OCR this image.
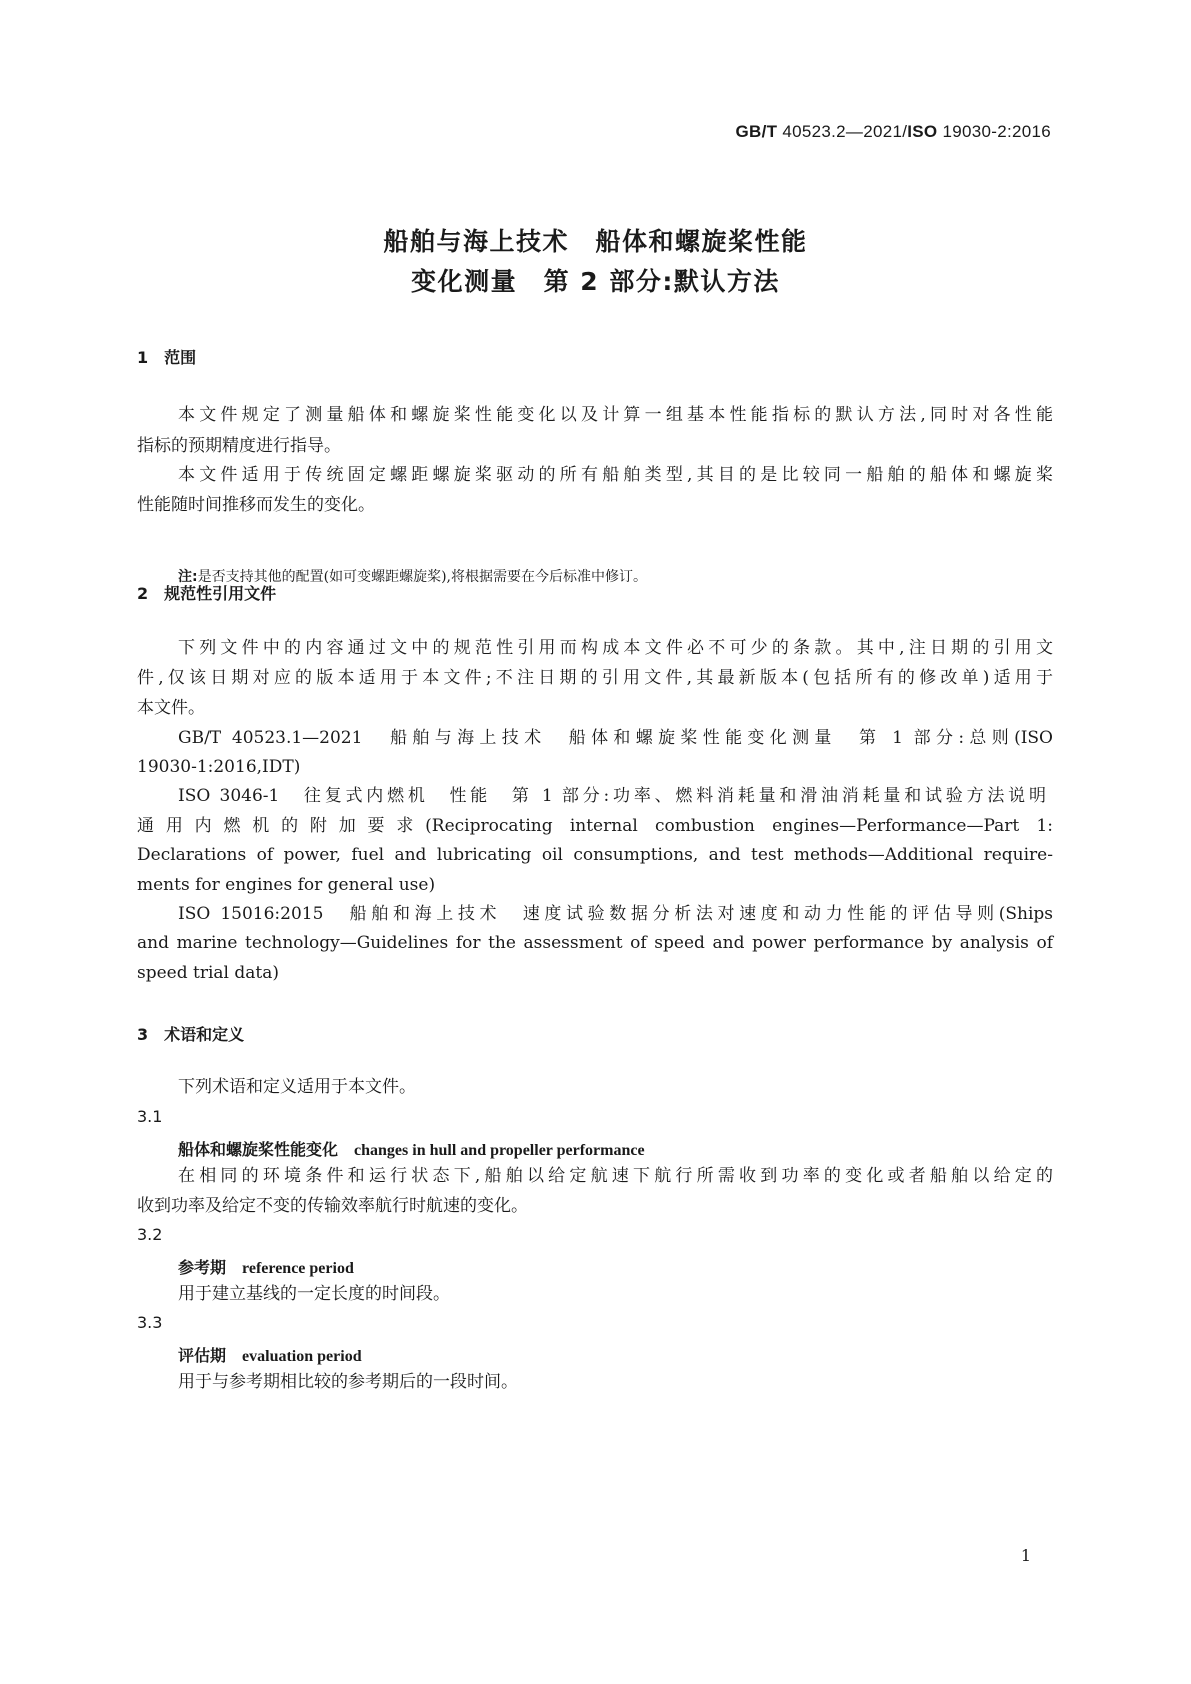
GB/T 40523.2—2021/ISO 19030-2:2016
船舶与海上技术　船体和螺旋桨性能
变化测量　第 2 部分:默认方法
1　范围
本文件规定了测量船体和螺旋桨性能变化以及计算一组基本性能指标的默认方法,同时对各性能
指标的预期精度进行指导。
本文件适用于传统固定螺距螺旋桨驱动的所有船舶类型,其目的是比较同一船舶的船体和螺旋桨
性能随时间推移而发生的变化。
注:是否支持其他的配置(如可变螺距螺旋桨),将根据需要在今后标准中修订。
2　规范性引用文件
下列文件中的内容通过文中的规范性引用而构成本文件必不可少的条款。其中,注日期的引用文
件,仅该日期对应的版本适用于本文件;不注日期的引用文件,其最新版本(包括所有的修改单)适用于
本文件。
GB/T 40523.1—2021　船舶与海上技术　船体和螺旋桨性能变化测量　第 1 部分:总则(ISO
19030-1:2016,IDT)
ISO 3046-1　往复式内燃机　性能　第 1 部分:功率、燃料消耗量和滑油消耗量和试验方法说明
通用内燃机的附加要求(Reciprocating internal combustion engines—Performance—Part 1:
Declarations of power, fuel and lubricating oil consumptions, and test methods—Additional require-
ments for engines for general use)
ISO 15016:2015　船舶和海上技术　速度试验数据分析法对速度和动力性能的评估导则(Ships
and marine technology—Guidelines for the assessment of speed and power performance by analysis of
speed trial data)
3　术语和定义
下列术语和定义适用于本文件。
3.1
船体和螺旋桨性能变化　 changes in hull and propeller performance
在相同的环境条件和运行状态下,船舶以给定航速下航行所需收到功率的变化或者船舶以给定的
收到功率及给定不变的传输效率航行时航速的变化。
3.2
参考期　 reference period
用于建立基线的一定长度的时间段。
3.3
评估期　 evaluation period
用于与参考期相比较的参考期后的一段时间。
1
